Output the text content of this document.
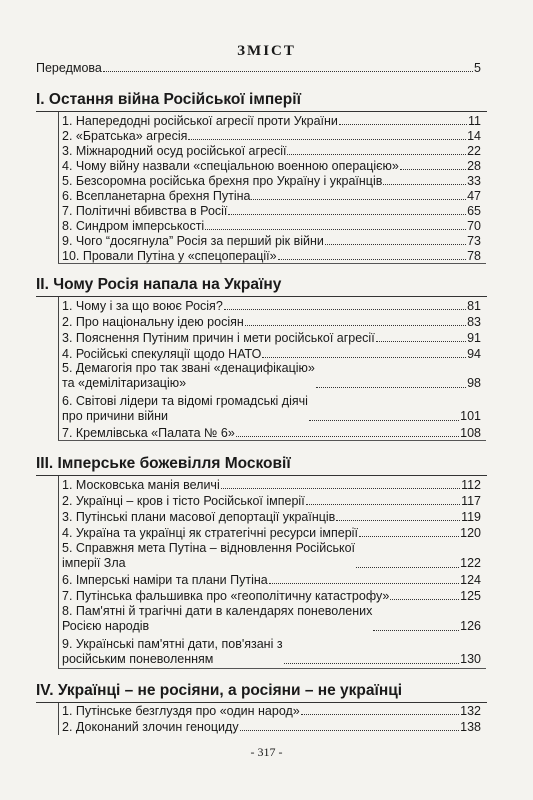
ЗМІСТ
Передмова	5
I. Остання війна Російської імперії
1. Напередодні російської агресії проти України	11
2. «Братська» агресія	14
3. Міжнародний осуд російської агресії	22
4. Чому війну назвали «спеціальною военною операцією»	28
5. Безсоромна російська брехня про Україну і українців	33
6. Всепланетарна брехня Путіна	47
7. Політичні вбивства в Росії	65
8. Синдром імперськості	70
9. Чого “досягнула” Росія за перший рік війни	73
10. Провали Путіна у «спецоперації»	78
II. Чому Росія напала на Україну
1. Чому і за що воює Росія?	81
2. Про національну ідею росіян	83
3. Пояснення Путіним причин і мети російської агресії	91
4. Російські спекуляції щодо НАТО	94
5. Демагогія про так звані «денацифікацію»
та «демілітаризацію»	98
6. Світові лідери та відомі громадські діячі
про причини війни	101
7. Кремлівська «Палата № 6»	108
III. Імперське божевілля Московії
1. Московська манія величі	112
2. Українці – кров і тісто Російської імперії	117
3. Путінські плани масової депортації українців	119
4. Україна та українці як стратегічні ресурси імперії	120
5. Справжня мета Путіна – відновлення Російської
імперії Зла	122
6. Імперські наміри та плани Путіна	124
7. Путінська фальшивка про «геополітичну катастрофу»	125
8. Пам'ятні й трагічні дати в календарях поневолених
Росією народів	126
9. Українські пам'ятні дати, пов'язані з
російським поневоленням	130
IV. Українці – не росіяни, а росіяни – не українці
1. Путінське безглуздя про «один народ»	132
2. Доконаний злочин геноциду	138
- 317 -
